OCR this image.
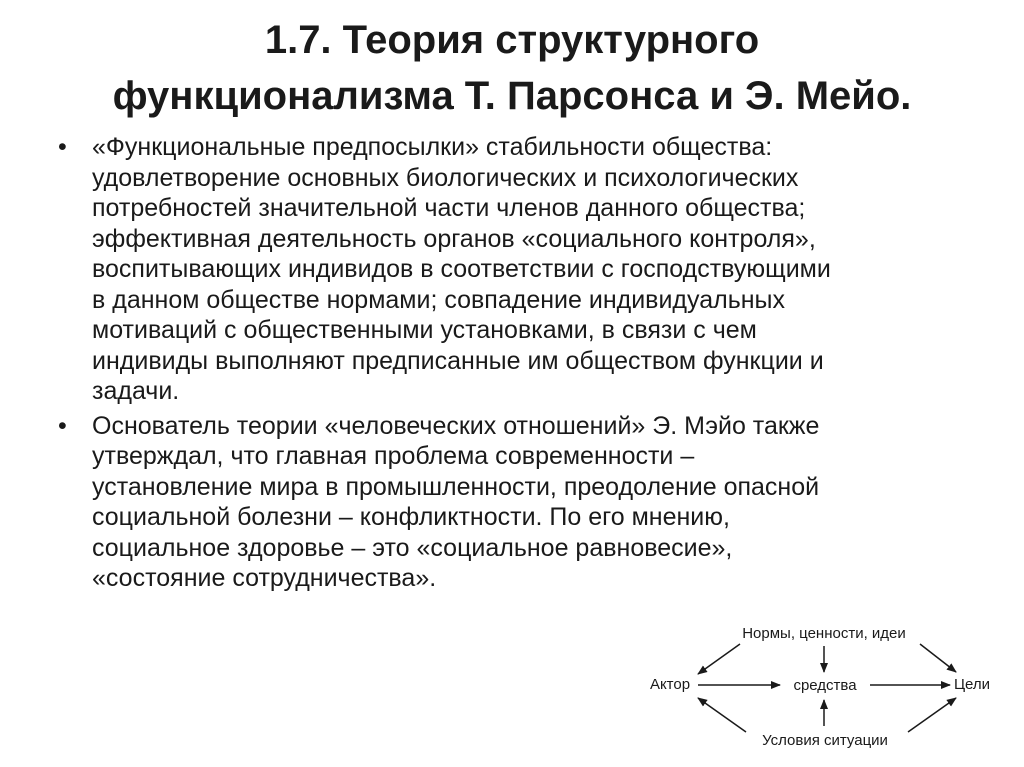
1.7. Теория структурного
функционализма Т. Парсонса и Э. Мейо.
•	«Функциональные предпосылки» стабильности общества:
удовлетворение основных биологических и психологических
потребностей значительной части членов данного общества;
эффективная деятельность органов «социального контроля»,
воспитывающих индивидов в соответствии с господствующими
в данном обществе нормами; совпадение индивидуальных
мотиваций с общественными установками, в связи с чем
индивиды выполняют предписанные им обществом функции и
задачи.
•	Основатель теории «человеческих отношений» Э. Мэйо также
утверждал, что главная проблема современности –
установление мира в промышленности, преодоление опасной
социальной болезни – конфликтности. По его мнению,
социальное здоровье – это «социальное равновесие»,
«состояние сотрудничества».
Нормы, ценности, идеи
Актор	средства	Цели
Условия ситуации
